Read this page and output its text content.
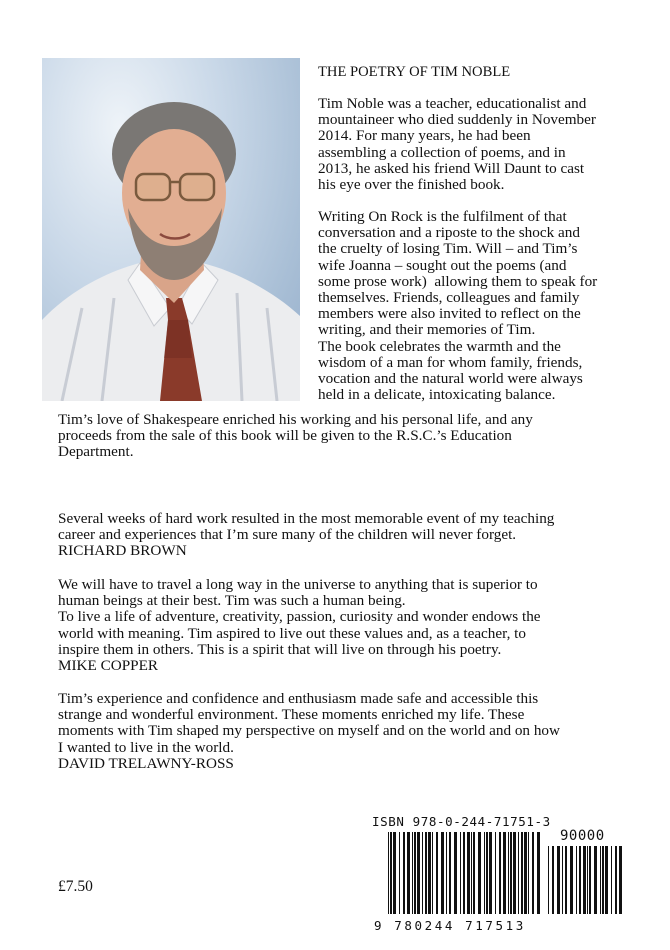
THE POETRY OF TIM NOBLE
Tim Noble was a teacher, educationalist and
mountaineer who died suddenly in November
2014. For many years, he had been
assembling a collection of poems, and in
2013, he asked his friend Will Daunt to cast
his eye over the finished book.
Writing On Rock is the fulfilment of that
conversation and a riposte to the shock and
the cruelty of losing Tim. Will – and Tim’s
wife Joanna – sought out the poems (and
some prose work)  allowing them to speak for
themselves. Friends, colleagues and family
members were also invited to reflect on the
writing, and their memories of Tim.
The book celebrates the warmth and the
wisdom of a man for whom family, friends,
vocation and the natural world were always
held in a delicate, intoxicating balance.
Tim’s love of Shakespeare enriched his working and his personal life, and any
proceeds from the sale of this book will be given to the R.S.C.’s Education
Department.
Several weeks of hard work resulted in the most memorable event of my teaching
career and experiences that I’m sure many of the children will never forget.
RICHARD BROWN
We will have to travel a long way in the universe to anything that is superior to
human beings at their best. Tim was such a human being.
To live a life of adventure, creativity, passion, curiosity and wonder endows the
world with meaning. Tim aspired to live out these values and, as a teacher, to
inspire them in others. This is a spirit that will live on through his poetry.
MIKE COPPER
Tim’s experience and confidence and enthusiasm made safe and accessible this
strange and wonderful environment. These moments enriched my life. These
moments with Tim shaped my perspective on myself and on the world and on how
I wanted to live in the world.
DAVID TRELAWNY-ROSS
ISBN 978-0-244-71751-3
90000
9 780244 717513
£7.50
